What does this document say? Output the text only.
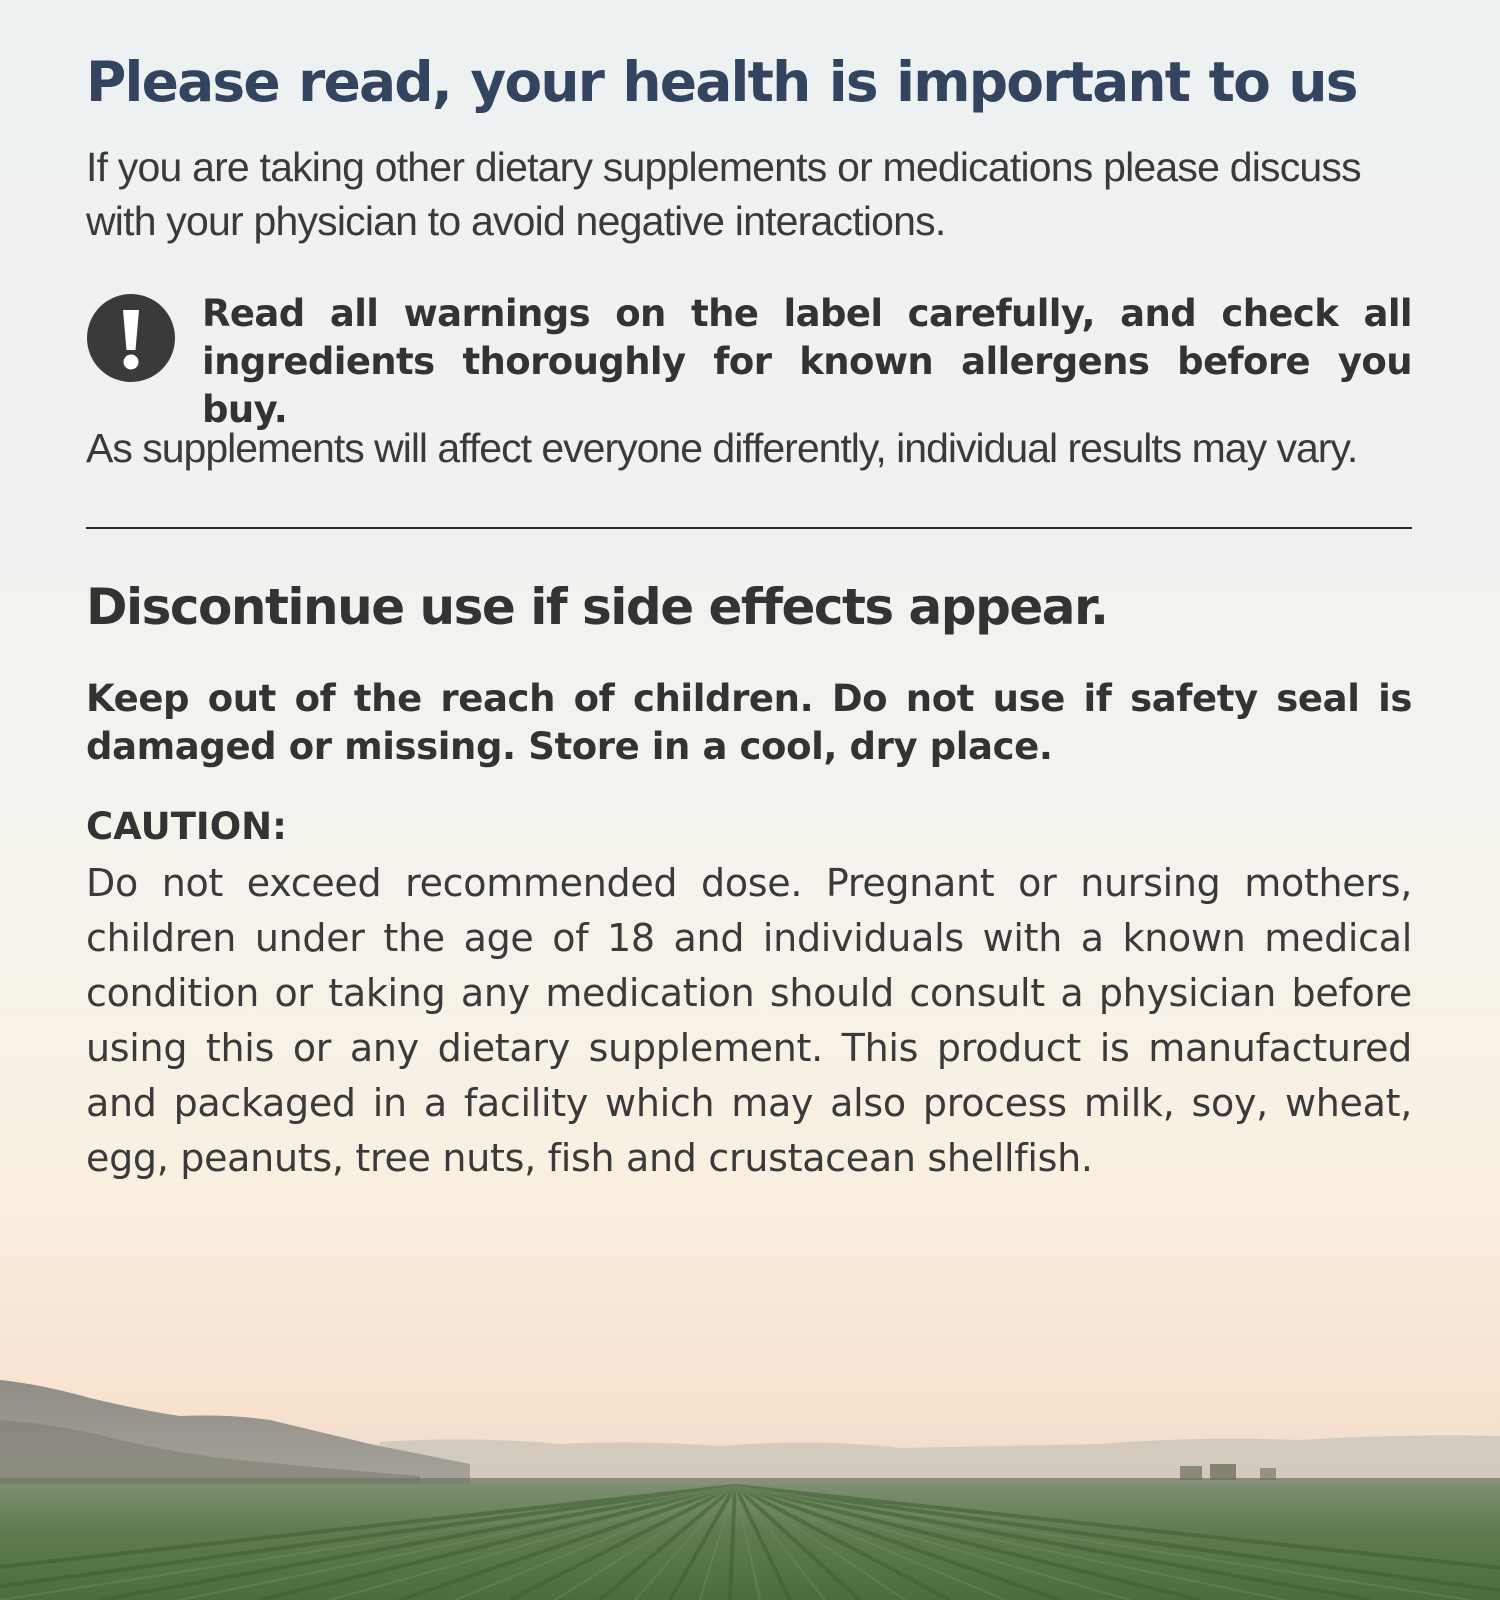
Please read, your health is important to us

If you are taking other dietary supplements or medications please discuss with your physician to avoid negative interactions.

Read all warnings on the label carefully, and check all ingredients thoroughly for known allergens before you buy.

As supplements will affect everyone differently, individual results may vary.

Discontinue use if side effects appear.

Keep out of the reach of children. Do not use if safety seal is damaged or missing. Store in a cool, dry place.

CAUTION:

Do not exceed recommended dose. Pregnant or nursing mothers, children under the age of 18 and individuals with a known medical condition or taking any medication should consult a physician before using this or any dietary supplement. This product is manufactured and packaged in a facility which may also process milk, soy, wheat, egg, peanuts, tree nuts, fish and crustacean shellfish.
